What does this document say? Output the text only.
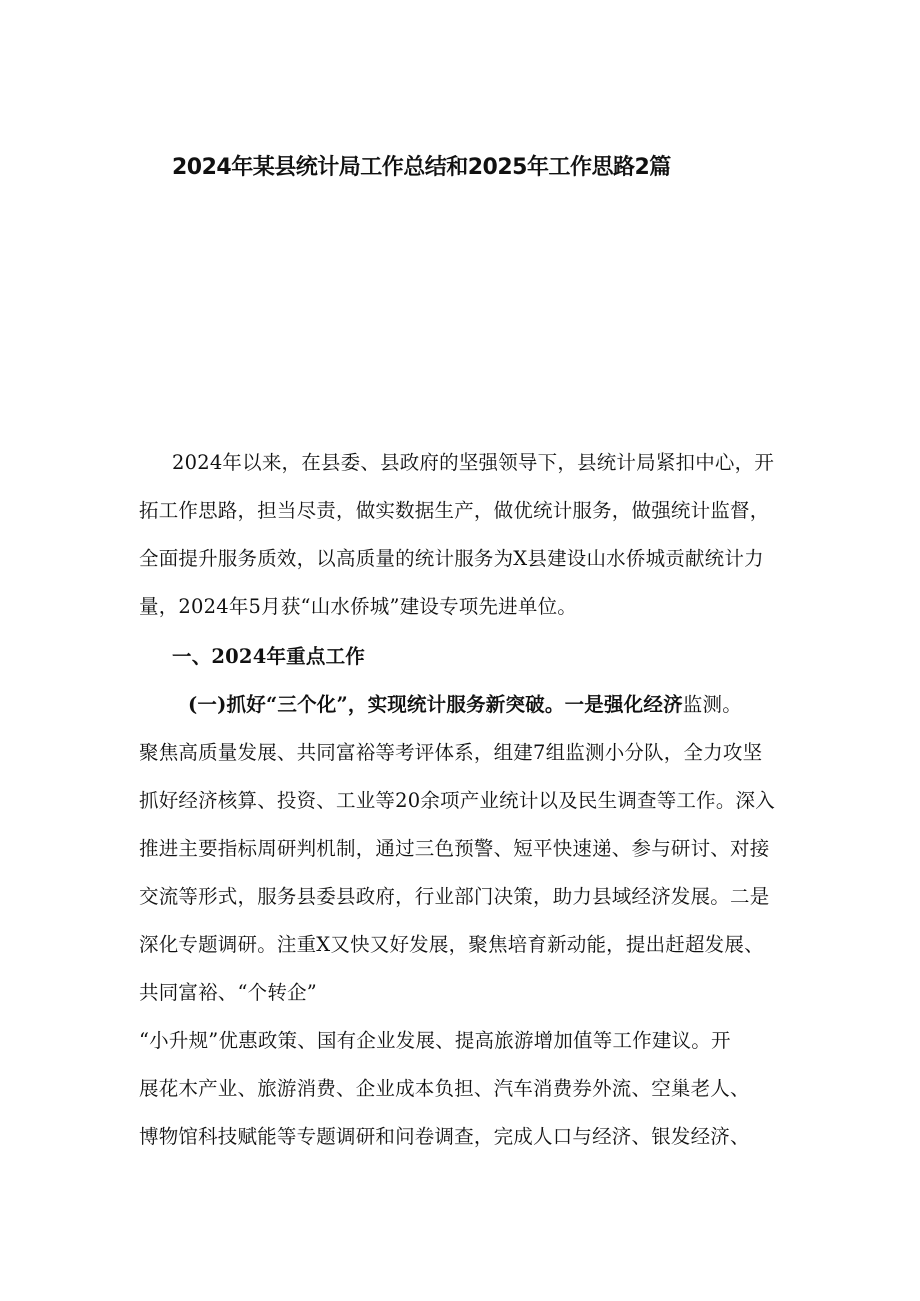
2024年某县统计局工作总结和2025年工作思路2篇
2024年以来，在县委、县政府的坚强领导下，县统计局紧扣中心，开
拓工作思路，担当尽责，做实数据生产，做优统计服务，做强统计监督，
全面提升服务质效，以高质量的统计服务为X县建设山水侨城贡献统计力
量，2024年5月获“山水侨城”建设专项先进单位。
一、2024年重点工作
(一)抓好“三个化”，实现统计服务新突破。一是强化经济监测。
聚焦高质量发展、共同富裕等考评体系，组建7组监测小分队，全力攻坚
抓好经济核算、投资、工业等20余项产业统计以及民生调查等工作。深入
推进主要指标周研判机制，通过三色预警、短平快速递、参与研讨、对接
交流等形式，服务县委县政府，行业部门决策，助力县域经济发展。二是
深化专题调研。注重X又快又好发展，聚焦培育新动能，提出赶超发展、
共同富裕、“个转企”
“小升规”优惠政策、国有企业发展、提高旅游增加值等工作建议。开
展花木产业、旅游消费、企业成本负担、汽车消费券外流、空巢老人、
博物馆科技赋能等专题调研和问卷调查，完成人口与经济、银发经济、
